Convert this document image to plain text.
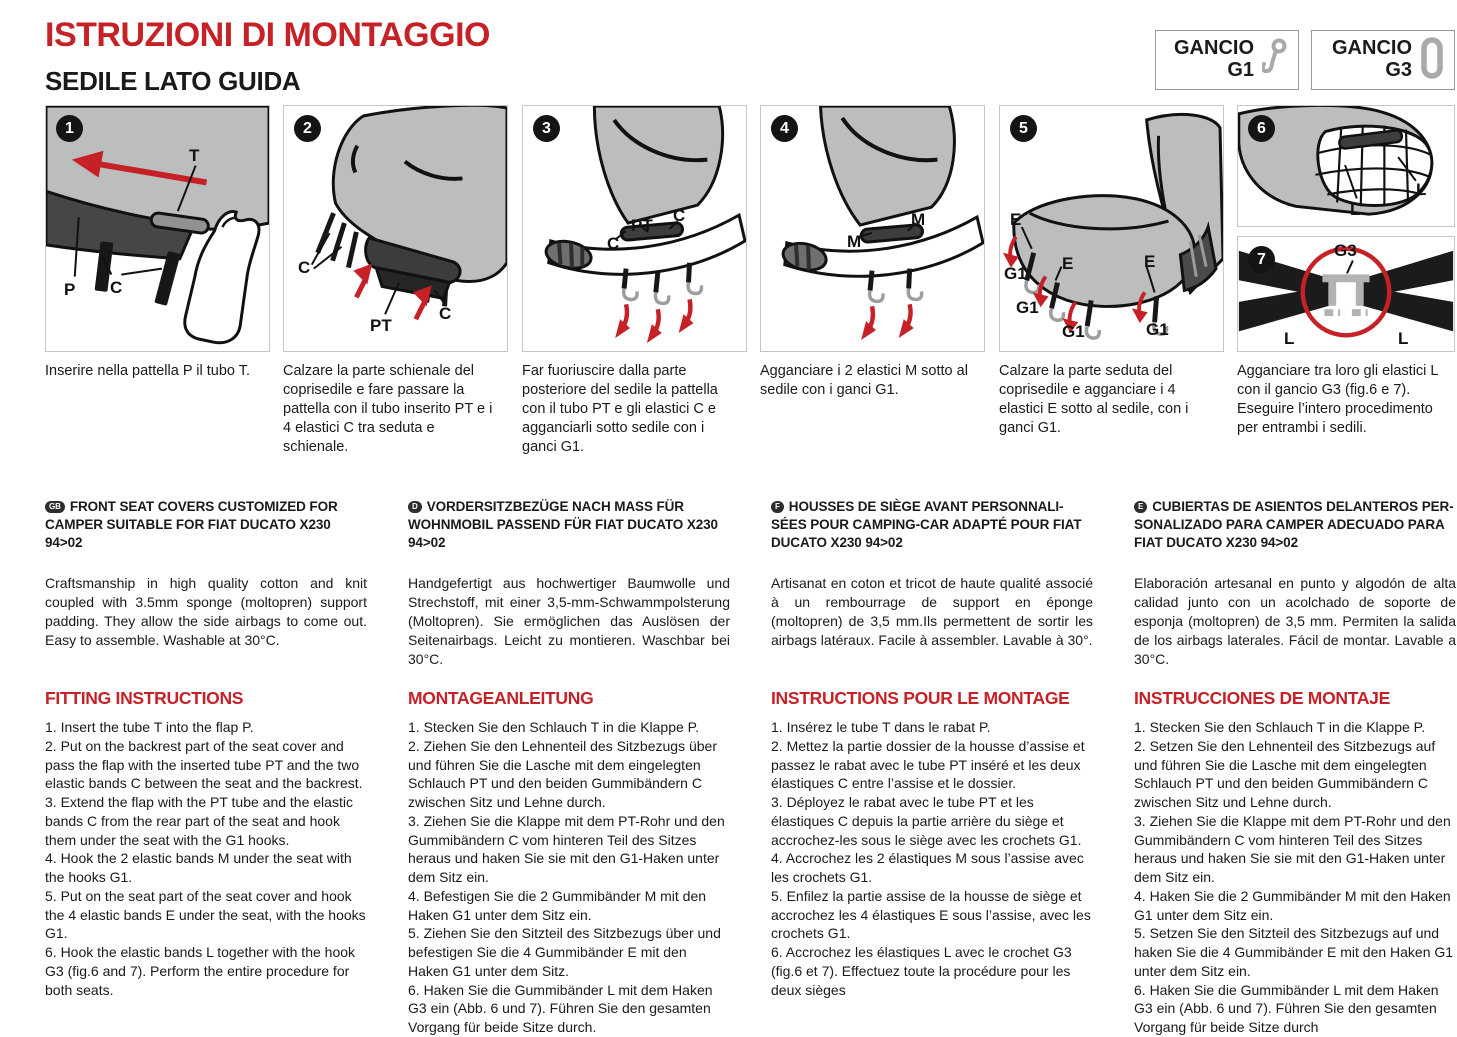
ISTRUZIONI DI MONTAGGIO
SEDILE LATO GUIDA
GANCIO
G1
GANCIO
G3
1
T
P C
2
C
PT
C
3
C
PT
C
4
M
M
5
E
G1
E	E
G1
G1	G1
6
L
L
7	G3
L	L
Inserire nella pattella P il tubo T.	Calzare la parte schienale del coprisedile e fare passare la pattella con il tubo inserito PT e i 4 elastici C tra seduta e schienale.
Far fuoriuscire dalla parte posteriore del sedile la pattella con il tubo PT e gli elastici C e agganciarli sotto sedile con i ganci G1.
Agganciare i 2 elastici M sotto al sedile con i ganci G1.
Calzare la parte seduta del coprisedile e agganciare i 4 elastici E sotto al sedile, con i ganci G1.
Agganciare tra loro gli elastici L con il gancio G3 (fig.6 e 7). Eseguire l’intero procedimento per entrambi i sedili.
GB FRONT SEAT COVERS CUSTOMIZED FOR CAMPER SUITABLE FOR FIAT DUCATO X230 94>02
Craftsmanship in high quality cotton and knit coupled with 3.5mm sponge (moltopren) support padding. They allow the side airbags to come out. Easy to assemble. Washable at 30°C.
FITTING INSTRUCTIONS
1. Insert the tube T into the flap P.
2. Put on the backrest part of the seat cover and pass the flap with the inserted tube PT and the two elastic bands C between the seat and the backrest.
3. Extend the flap with the PT tube and the elastic bands C from the rear part of the seat and hook them under the seat with the G1 hooks.
4. Hook the 2 elastic bands M under the seat with the hooks G1.
5. Put on the seat part of the seat cover and hook the 4 elastic bands E under the seat, with the hooks G1.
6. Hook the elastic bands L together with the hook G3 (fig.6 and 7). Perform the entire procedure for both seats.
D VORDERSITZBEZÜGE NACH MASS FÜR WOHNMOBIL PASSEND FÜR FIAT DUCATO X230 94>02
Handgefertigt aus hochwertiger Baumwolle und Strechstoff, mit einer 3,5-mm-Schwammpolsterung (Moltopren). Sie ermöglichen das Auslösen der Seitenairbags. Leicht zu montieren. Waschbar bei 30°C.
MONTAGEANLEITUNG
1. Stecken Sie den Schlauch T in die Klappe P.
2. Ziehen Sie den Lehnenteil des Sitzbezugs über und führen Sie die Lasche mit dem eingelegten Schlauch PT und den beiden Gummibändern C zwischen Sitz und Lehne durch.
3. Ziehen Sie die Klappe mit dem PT-Rohr und den Gummibändern C vom hinteren Teil des Sitzes heraus und haken Sie sie mit den G1-Haken unter dem Sitz ein.
4. Befestigen Sie die 2 Gummibänder M mit den Haken G1 unter dem Sitz ein.
5. Ziehen Sie den Sitzteil des Sitzbezugs über und befestigen Sie die 4 Gummibänder E mit den Haken G1 unter dem Sitz.
6. Haken Sie die Gummibänder L mit dem Haken G3 ein (Abb. 6 und 7). Führen Sie den gesamten Vorgang für beide Sitze durch.
F HOUSSES DE SIÈGE AVANT PERSONNALI-SÉES POUR CAMPING-CAR ADAPTÉ POUR FIAT DUCATO X230 94>02
Artisanat en coton et tricot de haute qualité associé à un rembourrage de support en éponge (moltopren) de 3,5 mm.Ils permettent de sortir les airbags latéraux. Facile à assembler. Lavable à 30°.
INSTRUCTIONS POUR LE MONTAGE
1. Insérez le tube T dans le rabat P.
2. Mettez la partie dossier de la housse d’assise et passez le rabat avec le tube PT inséré et les deux élastiques C entre l’assise et le dossier.
3. Déployez le rabat avec le tube PT et les élastiques C depuis la partie arrière du siège et accrochez-les sous le siège avec les crochets G1.
4. Accrochez les 2 élastiques M sous l’assise avec les crochets G1.
5. Enfilez la partie assise de la housse de siège et accrochez les 4 élastiques E sous l’assise, avec les crochets G1.
6. Accrochez les élastiques L avec le crochet G3 (fig.6 et 7). Effectuez toute la procédure pour les deux sièges
E CUBIERTAS DE ASIENTOS DELANTEROS PER-SONALIZADO PARA CAMPER ADECUADO PARA FIAT DUCATO X230 94>02
Elaboración artesanal en punto y algodón de alta calidad junto con un acolchado de soporte de esponja (moltopren) de 3,5 mm. Permiten la salida de los airbags laterales. Fácil de montar. Lavable a 30°C.
INSTRUCCIONES DE MONTAJE
1. Stecken Sie den Schlauch T in die Klappe P.
2. Setzen Sie den Lehnenteil des Sitzbezugs auf und führen Sie die Lasche mit dem eingelegten Schlauch PT und den beiden Gummibändern C zwischen Sitz und Lehne durch.
3. Ziehen Sie die Klappe mit dem PT-Rohr und den Gummibändern C vom hinteren Teil des Sitzes heraus und haken Sie sie mit den G1-Haken unter dem Sitz ein.
4. Haken Sie die 2 Gummibänder M mit den Haken G1 unter dem Sitz ein.
5. Setzen Sie den Sitzteil des Sitzbezugs auf und haken Sie die 4 Gummibänder E mit den Haken G1 unter dem Sitz ein.
6. Haken Sie die Gummibänder L mit dem Haken G3 ein (Abb. 6 und 7). Führen Sie den gesamten Vorgang für beide Sitze durch
